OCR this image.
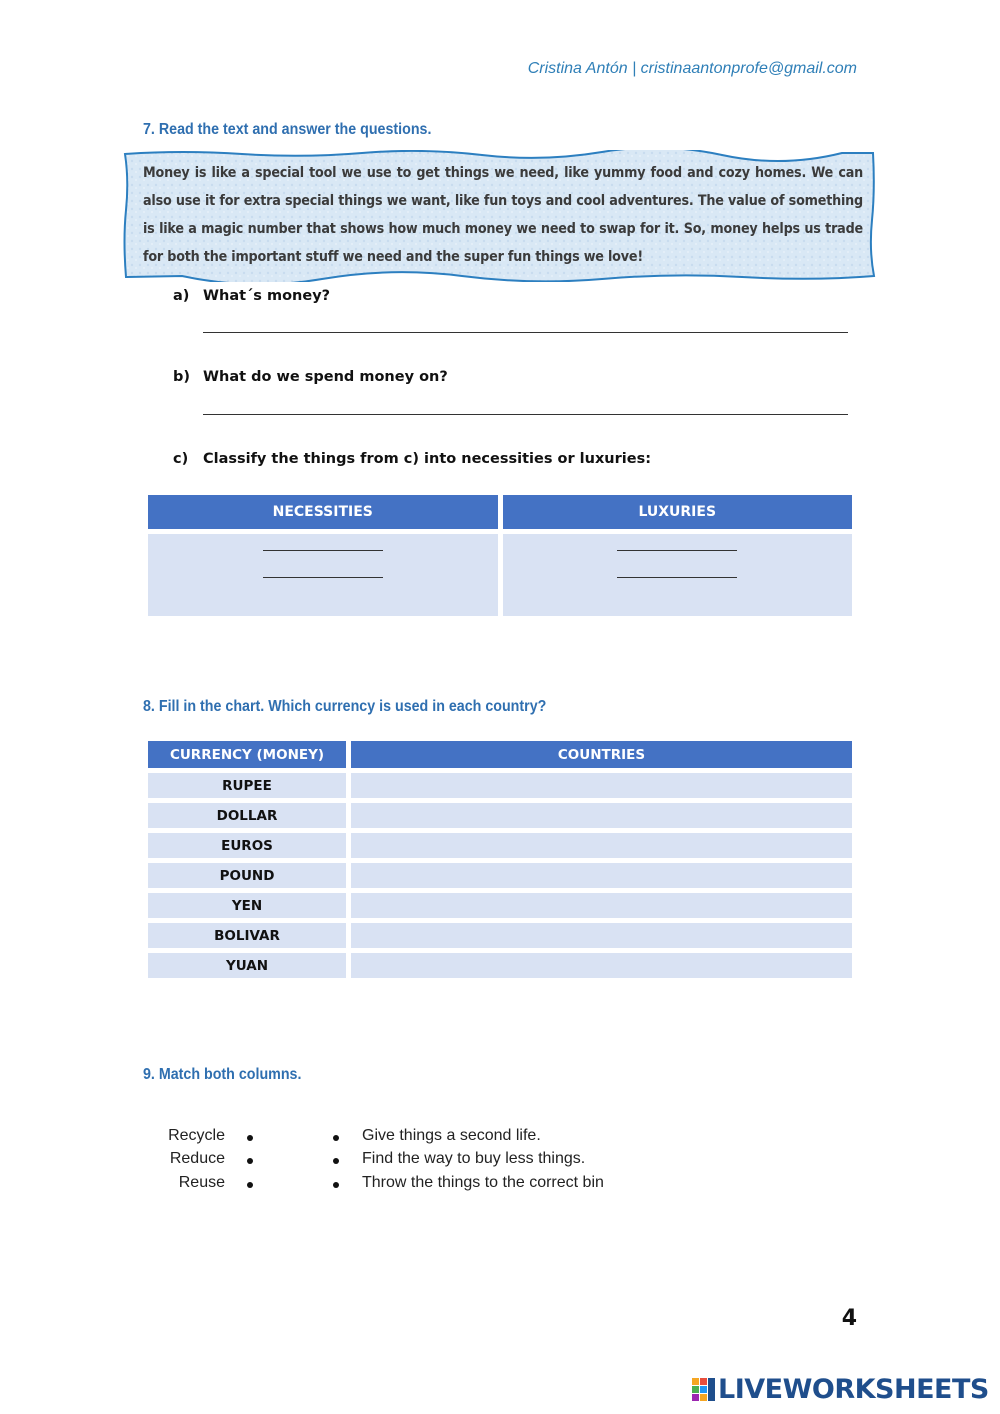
Cristina Antón | cristinaantonprofe@gmail.com
7. Read the text and answer the questions.
Money is like a special tool we use to get things we need, like yummy food and cozy homes. We can also use it for extra special things we want, like fun toys and cool adventures. The value of something is like a magic number that shows how much money we need to swap for it. So, money helps us trade for both the important stuff we need and the super fun things we love!
a) What´s money?
b) What do we spend money on?
c) Classify the things from c) into necessities or luxuries:
NECESSITIES	LUXURIES

8. Fill in the chart. Which currency is used in each country?
CURRENCY (MONEY)	COUNTRIES
RUPEE	
DOLLAR	
EUROS	
POUND	
YEN	
BOLIVAR	
YUAN	
9. Match both columns.
Recycle	Give things a second life.
Reduce	Find the way to buy less things.
Reuse	Throw the things to the correct bin
4
LIVEWORKSHEETS
